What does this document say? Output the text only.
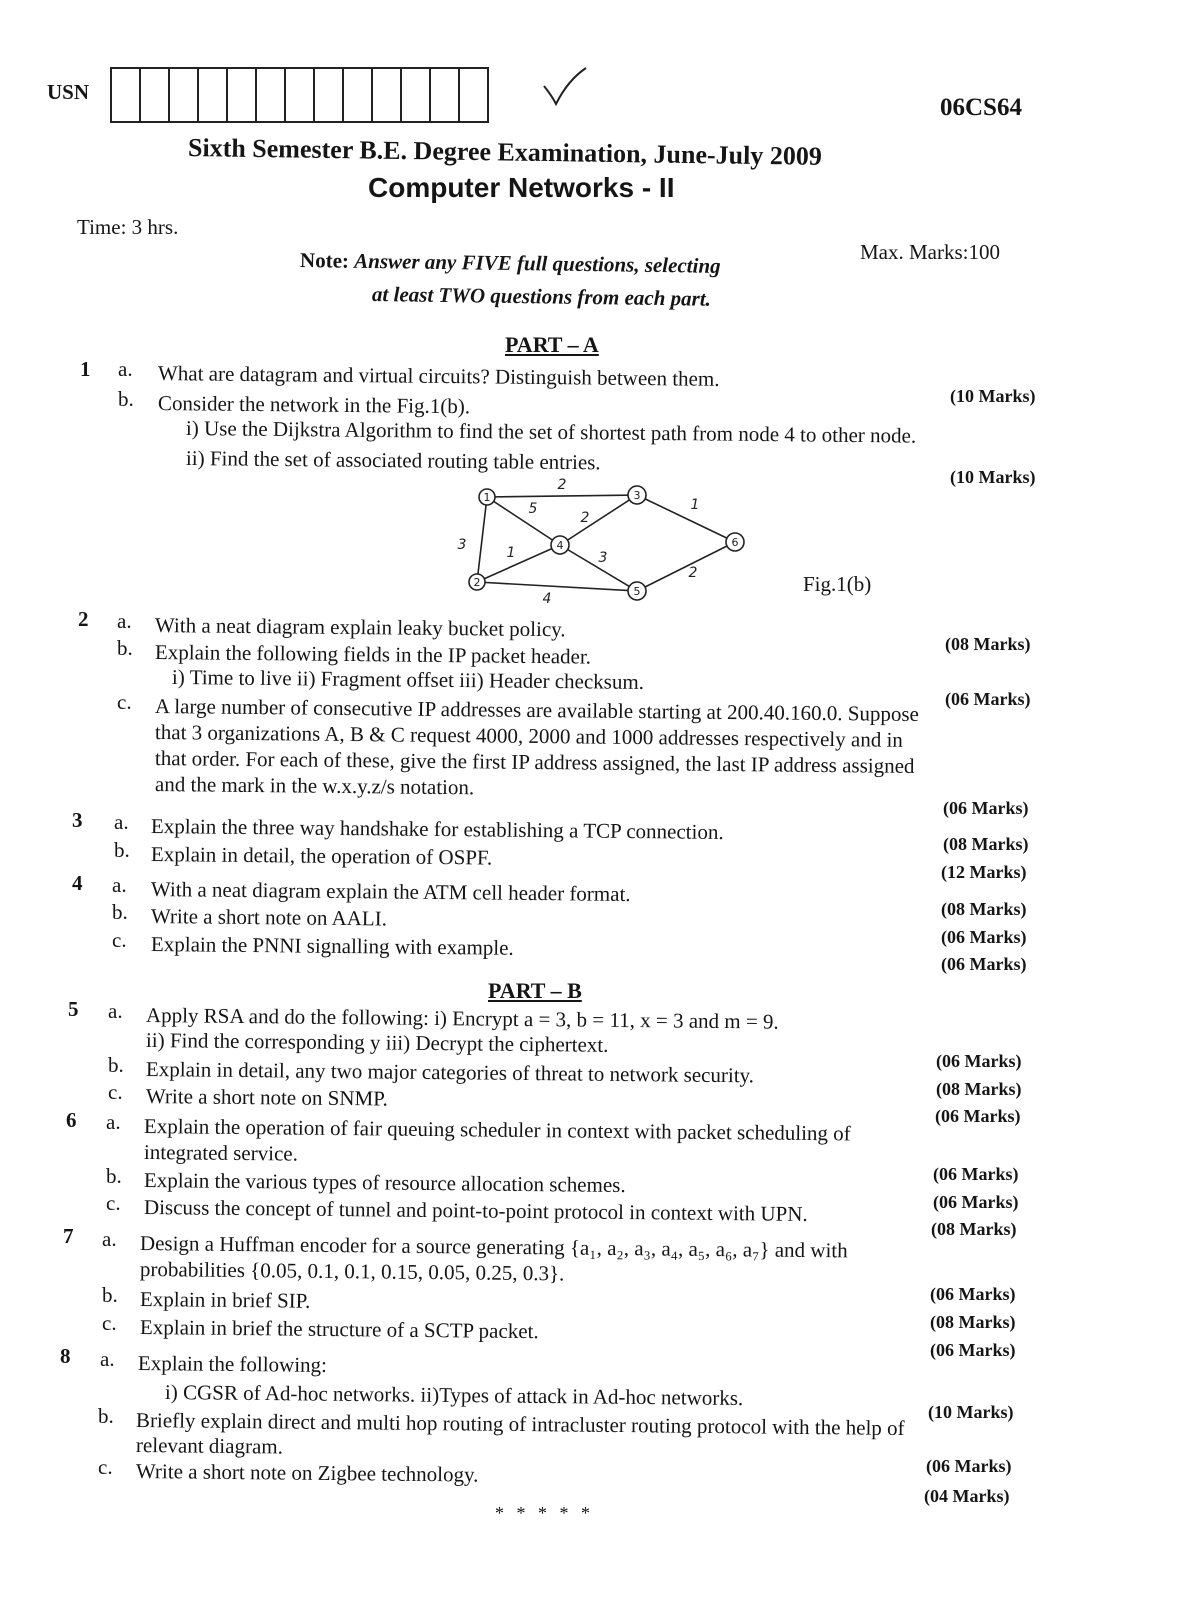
USN
06CS64
Sixth Semester B.E. Degree Examination, June-July 2009
Computer Networks - II
Time: 3 hrs.
Max. Marks:100
Note: Answer any FIVE full questions, selecting
at least TWO questions from each part.
PART – A
1 a. What are datagram and virtual circuits? Distinguish between them.
(10 Marks)
b. Consider the network in the Fig.1(b).
i) Use the Dijkstra Algorithm to find the set of shortest path from node 4 to other node.
ii) Find the set of associated routing table entries.
(10 Marks)
1
2
3
4
5
6
2
5
2
1	3
3
4
2
1
Fig.1(b)
2 a. With a neat diagram explain leaky bucket policy.
(08 Marks)
b. Explain the following fields in the IP packet header.
i) Time to live ii) Fragment offset iii) Header checksum.
(06 Marks)
c. A large number of consecutive IP addresses are available starting at 200.40.160.0. Suppose
that 3 organizations A, B & C request 4000, 2000 and 1000 addresses respectively and in
that order. For each of these, give the first IP address assigned, the last IP address assigned
and the mark in the w.x.y.z/s notation.
(06 Marks)
3 a. Explain the three way handshake for establishing a TCP connection.
(08 Marks)
b. Explain in detail, the operation of OSPF.
(12 Marks)
4 a. With a neat diagram explain the ATM cell header format.
(08 Marks)
b. Write a short note on AALI.
(06 Marks)
c. Explain the PNNI signalling with example.
(06 Marks)
PART – B
5 a. Apply RSA and do the following: i) Encrypt a = 3, b = 11, x = 3 and m = 9.
ii) Find the corresponding y iii) Decrypt the ciphertext.
(06 Marks)
b. Explain in detail, any two major categories of threat to network security.
(08 Marks)
c. Write a short note on SNMP.
(06 Marks)
6 a. Explain the operation of fair queuing scheduler in context with packet scheduling of
integrated service.
(06 Marks)
b. Explain the various types of resource allocation schemes.
(06 Marks)
c. Discuss the concept of tunnel and point-to-point protocol in context with UPN.
(08 Marks)
7 a. Design a Huffman encoder for a source generating {a₁, a₂, a₃, a₄, a₅, a₆, a₇} and with
probabilities {0.05, 0.1, 0.1, 0.15, 0.05, 0.25, 0.3}.
(06 Marks)
b. Explain in brief SIP.
(08 Marks)
c. Explain in brief the structure of a SCTP packet.
(06 Marks)
8 a. Explain the following:
i) CGSR of Ad-hoc networks. ii)Types of attack in Ad-hoc networks.
(10 Marks)
b. Briefly explain direct and multi hop routing of intracluster routing protocol with the help of
relevant diagram.
(06 Marks)
c. Write a short note on Zigbee technology.
(04 Marks)
* * * * *
